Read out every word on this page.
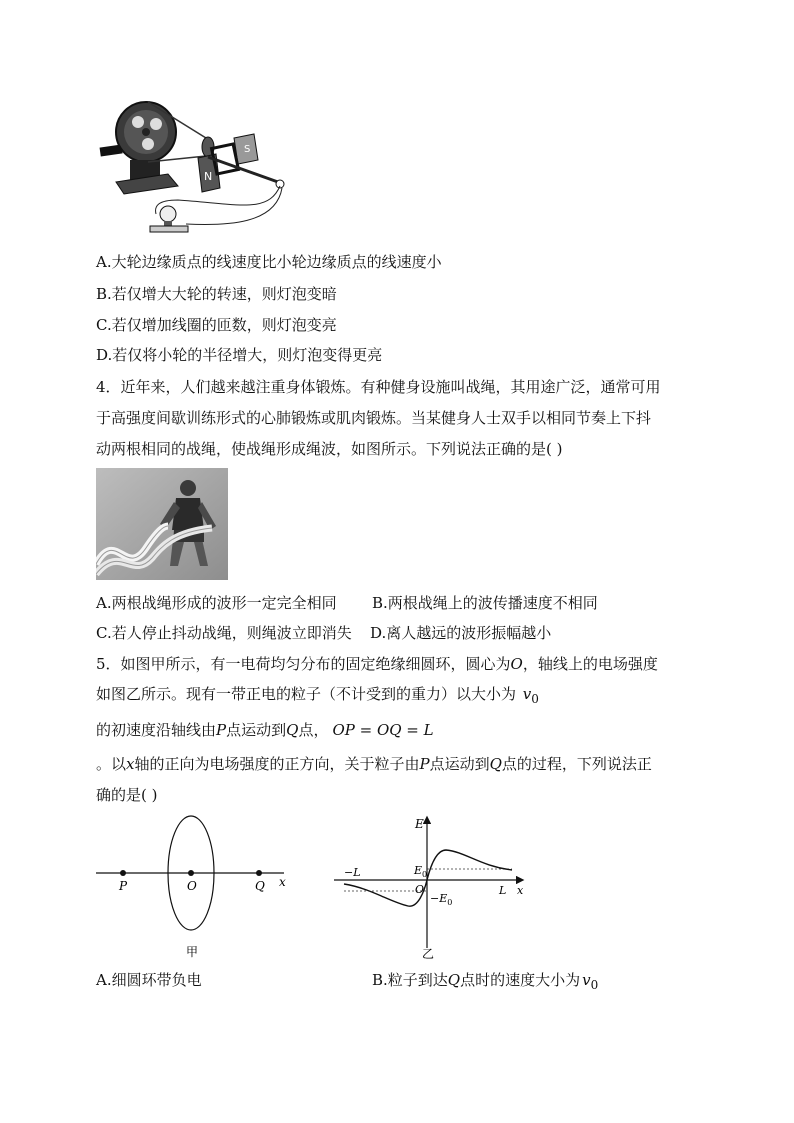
N
S
A.大轮边缘质点的线速度比小轮边缘质点的线速度小
B.若仅增大大轮的转速，则灯泡变暗
C.若仅增加线圈的匝数，则灯泡变亮
D.若仅将小轮的半径增大，则灯泡变得更亮
4．近年来，人们越来越注重身体锻炼。有种健身设施叫战绳，其用途广泛，通常可用
于高强度间歇训练形式的心肺锻炼或肌肉锻炼。当某健身人士双手以相同节奏上下抖
动两根相同的战绳，使战绳形成绳波，如图所示。下列说法正确的是( )
A.两根战绳形成的波形一定完全相同 B.两根战绳上的波传播速度不相同
C.若人停止抖动战绳，则绳波立即消失 D.离人越远的波形振幅越小
5．如图甲所示，有一电荷均匀分布的固定绝缘细圆环，圆心为O，轴线上的电场强度
如图乙所示。现有一带正电的粒子（不计受到的重力）以大小为 $v_0$
的初速度沿轴线由P点运动到Q点， OP = OQ = L
。以x轴的正向为电场强度的正方向，关于粒子由P点运动到Q点的过程，下列说法正
确的是( )
P	O	Q x
甲
E
$E_0$
$-E_0$
−L
O	L x
乙
A.细圆环带负电	B.粒子到达Q点时的速度大小为 $v_0$
